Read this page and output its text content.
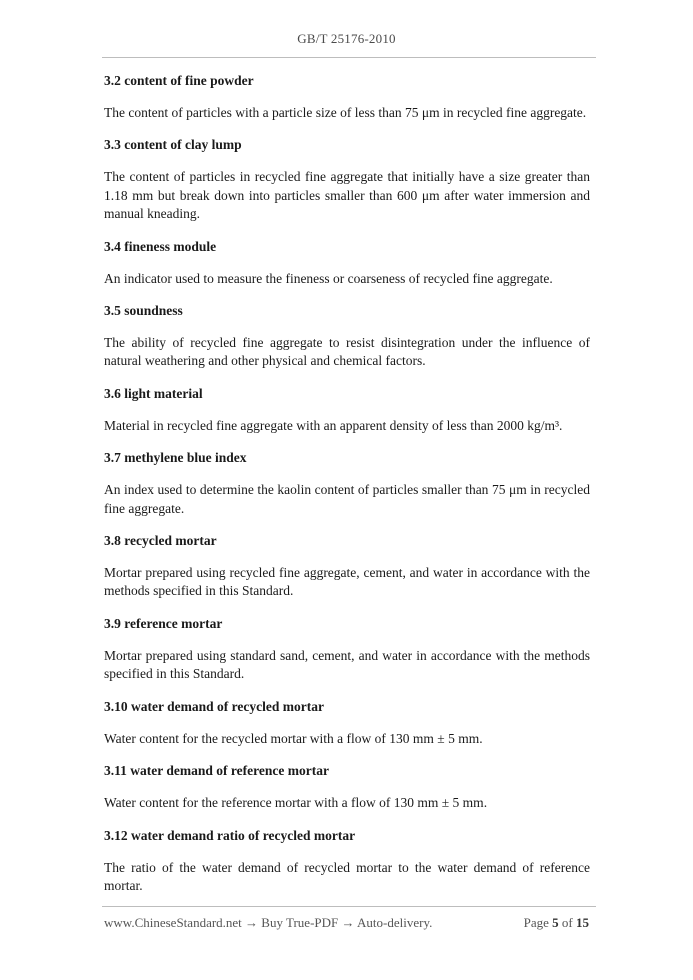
GB/T 25176-2010

3.2 content of fine powder

The content of particles with a particle size of less than 75 μm in recycled fine aggregate.

3.3 content of clay lump

The content of particles in recycled fine aggregate that initially have a size greater than 1.18 mm but break down into particles smaller than 600 μm after water immersion and manual kneading.

3.4 fineness module

An indicator used to measure the fineness or coarseness of recycled fine aggregate.

3.5 soundness

The ability of recycled fine aggregate to resist disintegration under the influence of natural weathering and other physical and chemical factors.

3.6 light material

Material in recycled fine aggregate with an apparent density of less than 2000 kg/m³.

3.7 methylene blue index

An index used to determine the kaolin content of particles smaller than 75 μm in recycled fine aggregate.

3.8 recycled mortar

Mortar prepared using recycled fine aggregate, cement, and water in accordance with the methods specified in this Standard.

3.9 reference mortar

Mortar prepared using standard sand, cement, and water in accordance with the methods specified in this Standard.

3.10 water demand of recycled mortar

Water content for the recycled mortar with a flow of 130 mm ± 5 mm.

3.11 water demand of reference mortar

Water content for the reference mortar with a flow of 130 mm ± 5 mm.

3.12 water demand ratio of recycled mortar

The ratio of the water demand of recycled mortar to the water demand of reference mortar.

www.ChineseStandard.net → Buy True-PDF → Auto-delivery.	Page 5 of 15
